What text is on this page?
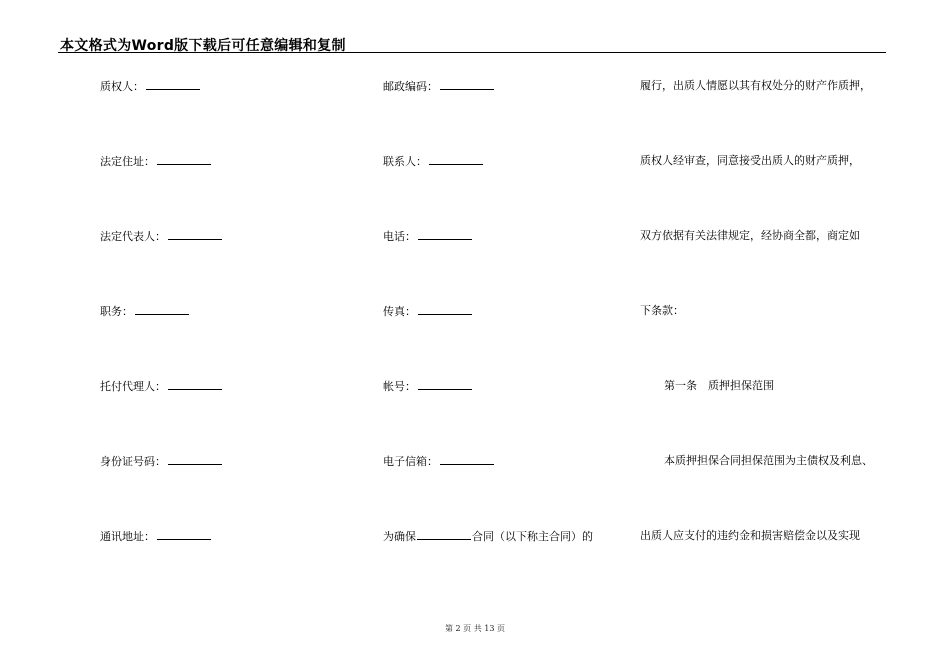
本文格式为Word版下载后可任意编辑和复制
质权人：
法定住址：
法定代表人：
职务：
托付代理人：
身份证号码：
通讯地址：
邮政编码：
联系人：
电话：
传真：
帐号：
电子信箱：
为确保	合同（以下称主合同）的
履行，出质人情愿以其有权处分的财产作质押，
质权人经审查，同意接受出质人的财产质押，
双方依据有关法律规定，经协商全都，商定如
下条款：
第一条　质押担保范围
本质押担保合同担保范围为主债权及利息、
出质人应支付的违约金和损害赔偿金以及实现
第 2 页 共 13 页
